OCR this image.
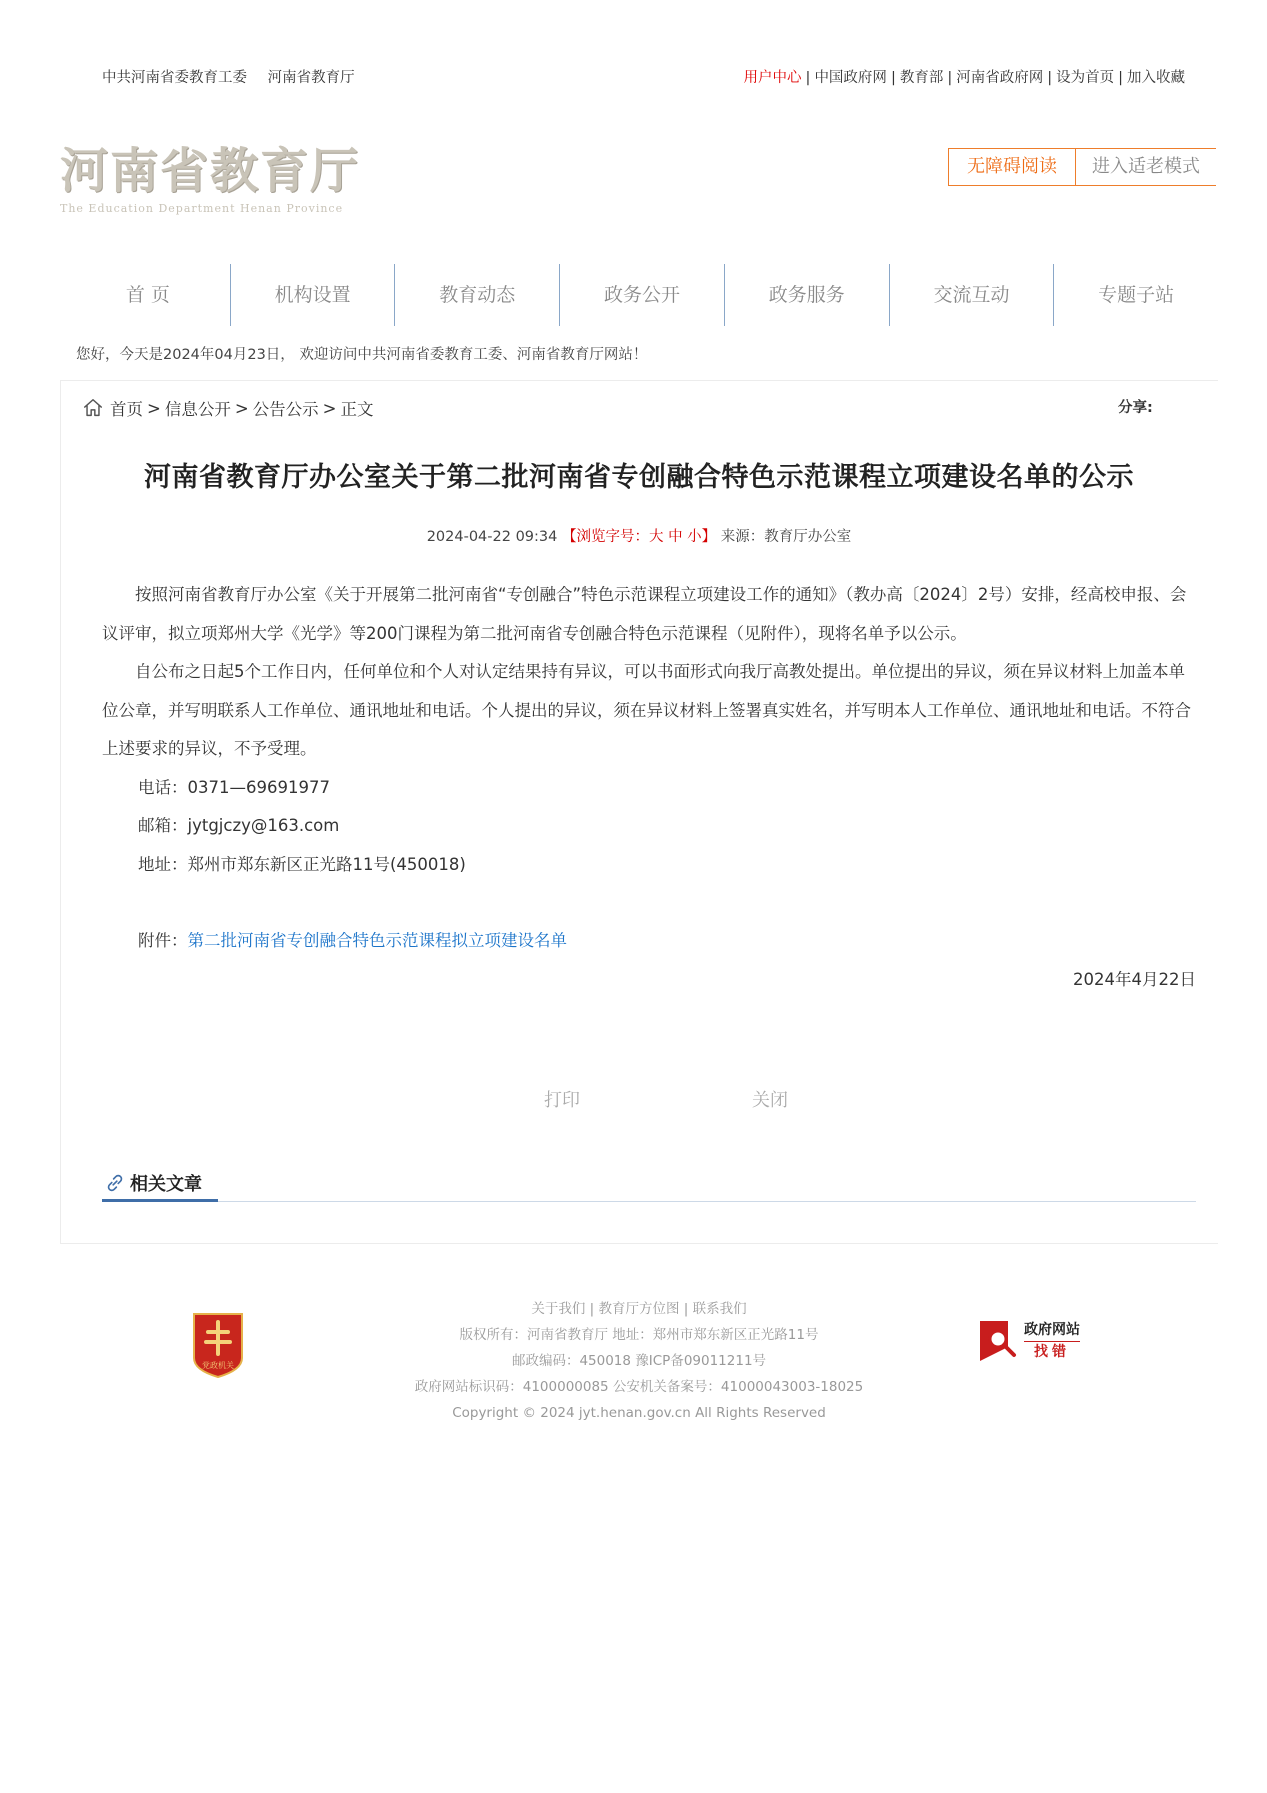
中共河南省委教育工委 河南省教育厅	用户中心 | 中国政府网 | 教育部 | 河南省政府网 | 设为首页 | 加入收藏
河南省教育厅
The Education Department Henan Province
无障碍阅读	进入适老模式
首 页	机构设置	教育动态	政务公开	政务服务	交流互动	专题子站
您好，今天是2024年04月23日， 欢迎访问中共河南省委教育工委、河南省教育厅网站！
首页 > 信息公开 > 公告公示 > 正文	分享:
河南省教育厅办公室关于第二批河南省专创融合特色示范课程立项建设名单的公示
2024-04-22 09:34 【浏览字号：大 中 小】 来源：教育厅办公室

按照河南省教育厅办公室《关于开展第二批河南省“专创融合”特色示范课程立项建设工作的通知》（教办高〔2024〕2号）安排，经高校申报、会议评审，拟立项郑州大学《光学》等200门课程为第二批河南省专创融合特色示范课程（见附件），现将名单予以公示。

自公布之日起5个工作日内，任何单位和个人对认定结果持有异议，可以书面形式向我厅高教处提出。单位提出的异议，须在异议材料上加盖本单位公章，并写明联系人工作单位、通讯地址和电话。个人提出的异议，须在异议材料上签署真实姓名，并写明本人工作单位、通讯地址和电话。不符合上述要求的异议，不予受理。

电话：0371—69691977
邮箱：jytgjczy@163.com
地址：郑州市郑东新区正光路11号(450018)
附件：第二批河南省专创融合特色示范课程拟立项建设名单
2024年4月22日
打印	关闭
相关文章
党政机关
政府网站
找错
关于我们 | 教育厅方位图 | 联系我们
版权所有：河南省教育厅 地址：郑州市郑东新区正光路11号
邮政编码：450018 豫ICP备09011211号
政府网站标识码：4100000085 公安机关备案号：41000043003-18025
Copyright © 2024 jyt.henan.gov.cn All Rights Reserved
